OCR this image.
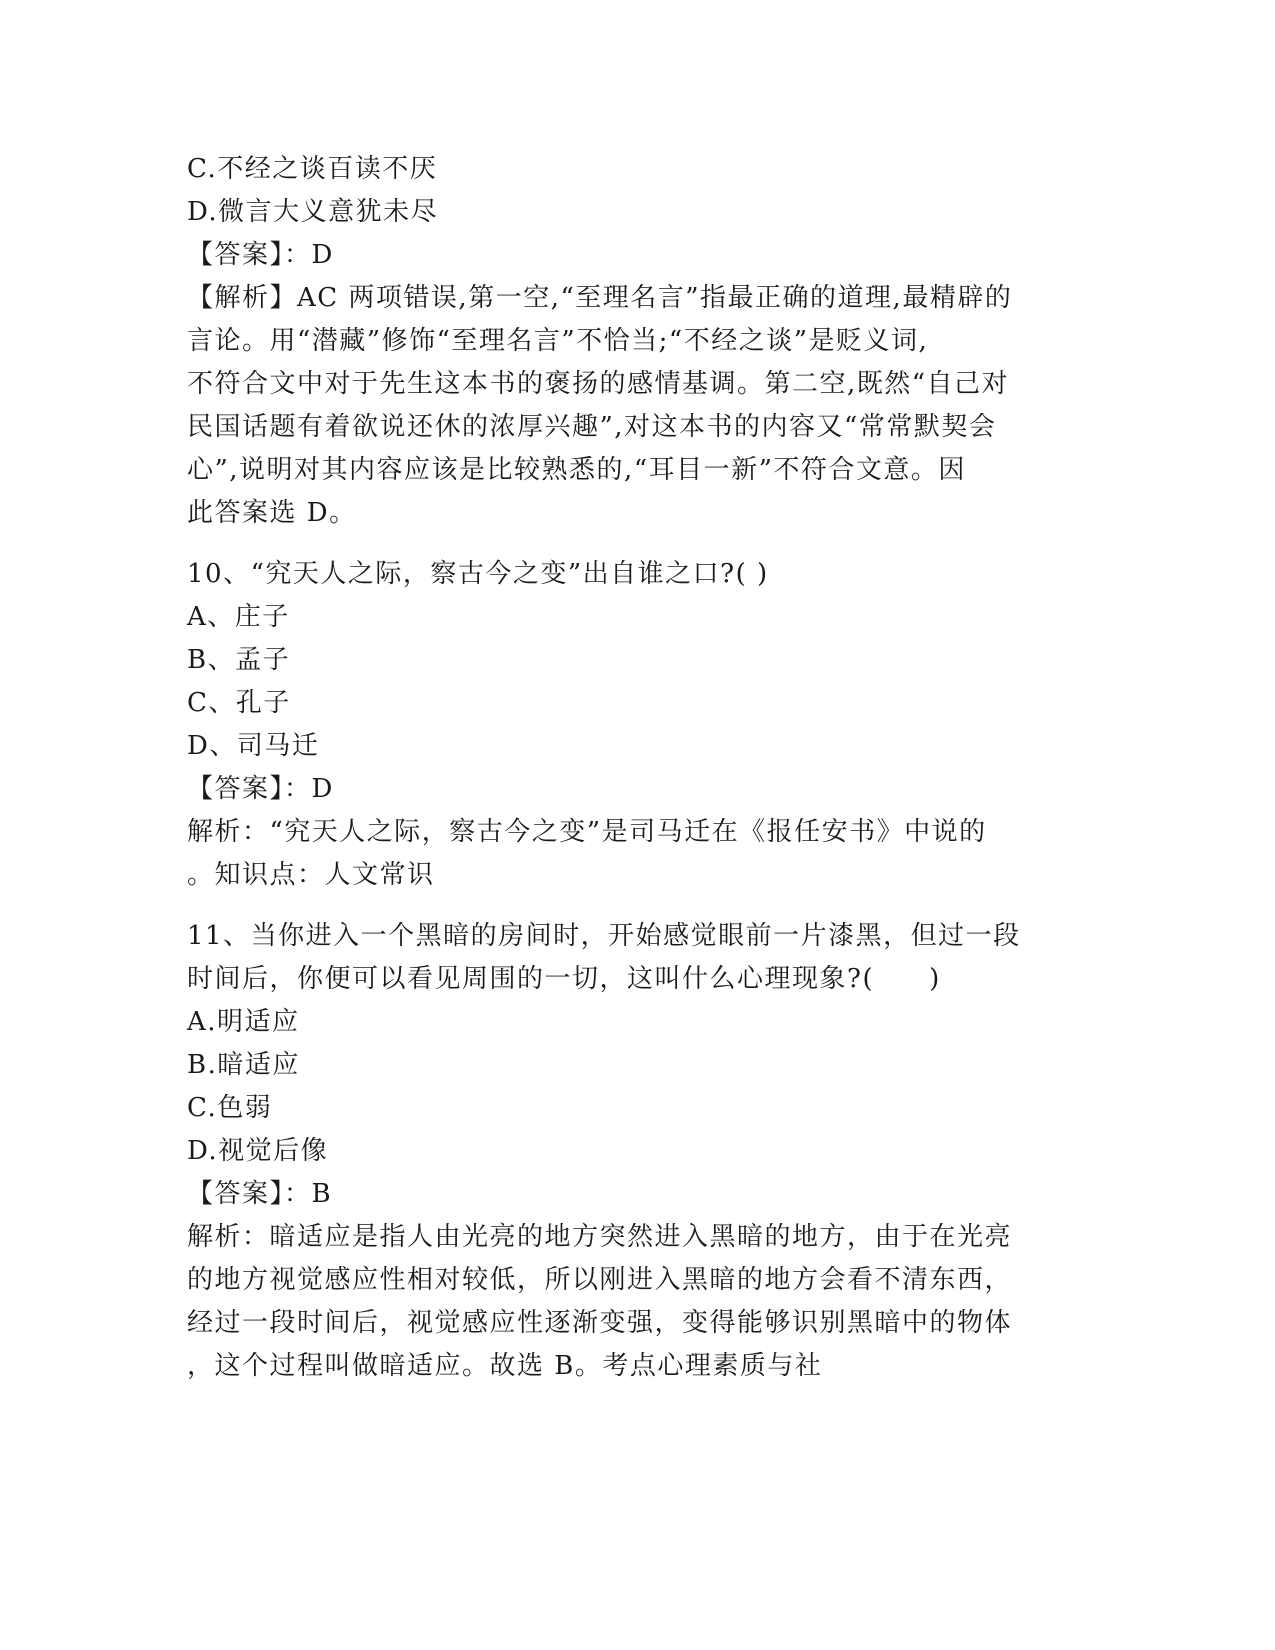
C.不经之谈百读不厌
D.微言大义意犹未尽
【答案】：D
【解析】AC 两项错误,第一空,“至理名言”指最正确的道理,最精辟的
言论。用“潜藏”修饰“至理名言”不恰当;“不经之谈”是贬义词,
不符合文中对于先生这本书的褒扬的感情基调。第二空,既然“自己对
民国话题有着欲说还休的浓厚兴趣”,对这本书的内容又“常常默契会
心”,说明对其内容应该是比较熟悉的,“耳目一新”不符合文意。因
此答案选 D。
10、“究天人之际，察古今之变”出自谁之口?( )
A、庄子
B、孟子
C、孔子
D、司马迁
【答案】：D
解析：“究天人之际，察古今之变”是司马迁在《报任安书》中说的
。知识点：人文常识
11、当你进入一个黑暗的房间时，开始感觉眼前一片漆黑，但过一段
时间后，你便可以看见周围的一切，这叫什么心理现象?(　　)
A.明适应
B.暗适应
C.色弱
D.视觉后像
【答案】：B
解析：暗适应是指人由光亮的地方突然进入黑暗的地方，由于在光亮
的地方视觉感应性相对较低，所以刚进入黑暗的地方会看不清东西，
经过一段时间后，视觉感应性逐渐变强，变得能够识别黑暗中的物体
，这个过程叫做暗适应。故选 B。考点心理素质与社
